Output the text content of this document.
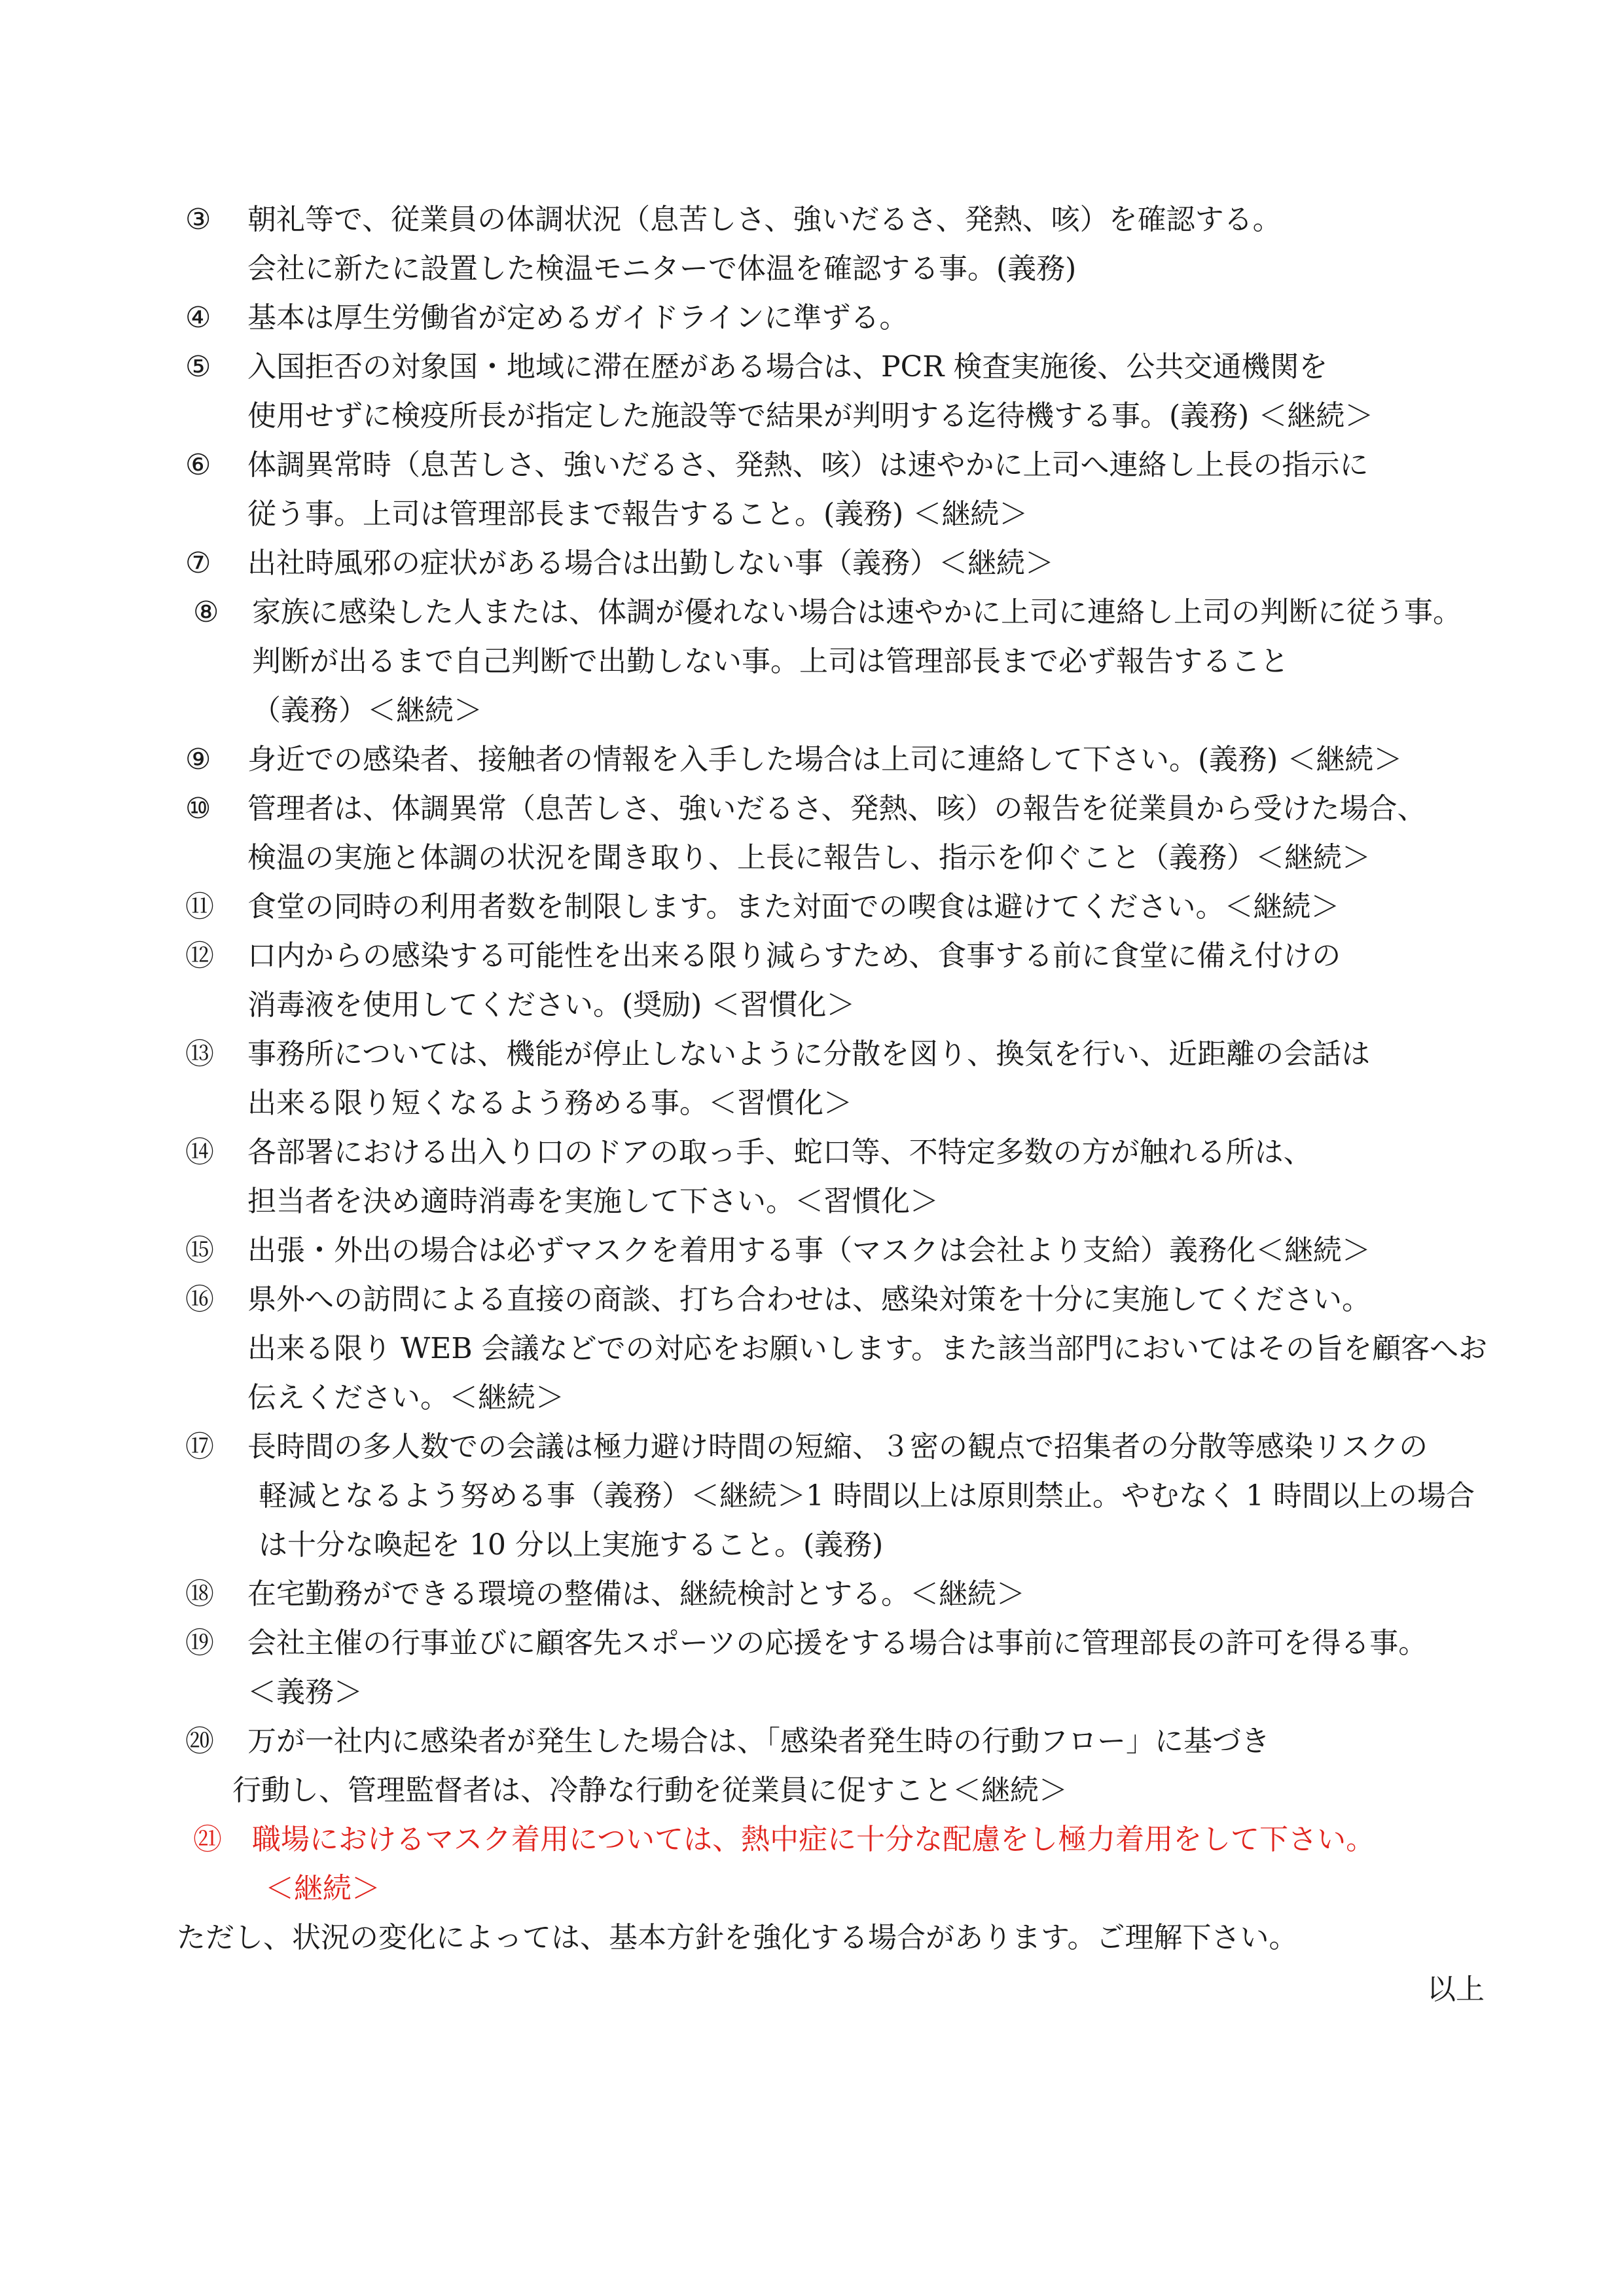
③ 朝礼等で、従業員の体調状況（息苦しさ、強いだるさ、発熱、咳）を確認する。
会社に新たに設置した検温モニターで体温を確認する事。(義務)
④ 基本は厚生労働省が定めるガイドラインに準ずる。
⑤ 入国拒否の対象国・地域に滞在歴がある場合は、PCR 検査実施後、公共交通機関を
使用せずに検疫所長が指定した施設等で結果が判明する迄待機する事。(義務) ＜継続＞
⑥ 体調異常時（息苦しさ、強いだるさ、発熱、咳）は速やかに上司へ連絡し上長の指示に
従う事。上司は管理部長まで報告すること。(義務) ＜継続＞
⑦ 出社時風邪の症状がある場合は出勤しない事（義務）＜継続＞
⑧ 家族に感染した人または、体調が優れない場合は速やかに上司に連絡し上司の判断に従う事。
判断が出るまで自己判断で出勤しない事。上司は管理部長まで必ず報告すること
（義務）＜継続＞
⑨ 身近での感染者、接触者の情報を入手した場合は上司に連絡して下さい。(義務) ＜継続＞
⑩ 管理者は、体調異常（息苦しさ、強いだるさ、発熱、咳）の報告を従業員から受けた場合、
検温の実施と体調の状況を聞き取り、上長に報告し、指示を仰ぐこと（義務）＜継続＞
⑪ 食堂の同時の利用者数を制限します。また対面での喫食は避けてください。＜継続＞
⑫ 口内からの感染する可能性を出来る限り減らすため、食事する前に食堂に備え付けの
消毒液を使用してください。(奨励) ＜習慣化＞
⑬ 事務所については、機能が停止しないように分散を図り、換気を行い、近距離の会話は
出来る限り短くなるよう務める事。＜習慣化＞
⑭ 各部署における出入り口のドアの取っ手、蛇口等、不特定多数の方が触れる所は、
担当者を決め適時消毒を実施して下さい。＜習慣化＞
⑮ 出張・外出の場合は必ずマスクを着用する事（マスクは会社より支給）義務化＜継続＞
⑯ 県外への訪問による直接の商談、打ち合わせは、感染対策を十分に実施してください。
出来る限り WEB 会議などでの対応をお願いします。また該当部門においてはその旨を顧客へお
伝えください。＜継続＞
⑰ 長時間の多人数での会議は極力避け時間の短縮、３密の観点で招集者の分散等感染リスクの
軽減となるよう努める事（義務）＜継続＞1 時間以上は原則禁止。やむなく 1 時間以上の場合
は十分な喚起を 10 分以上実施すること。(義務)
⑱ 在宅勤務ができる環境の整備は、継続検討とする。＜継続＞
⑲ 会社主催の行事並びに顧客先スポーツの応援をする場合は事前に管理部長の許可を得る事。
＜義務＞
⑳ 万が一社内に感染者が発生した場合は、「感染者発生時の行動フロー」に基づき
行動し、管理監督者は、冷静な行動を従業員に促すこと＜継続＞
㉑ 職場におけるマスク着用については、熱中症に十分な配慮をし極力着用をして下さい。
＜継続＞
ただし、状況の変化によっては、基本方針を強化する場合があります。ご理解下さい。
以上
